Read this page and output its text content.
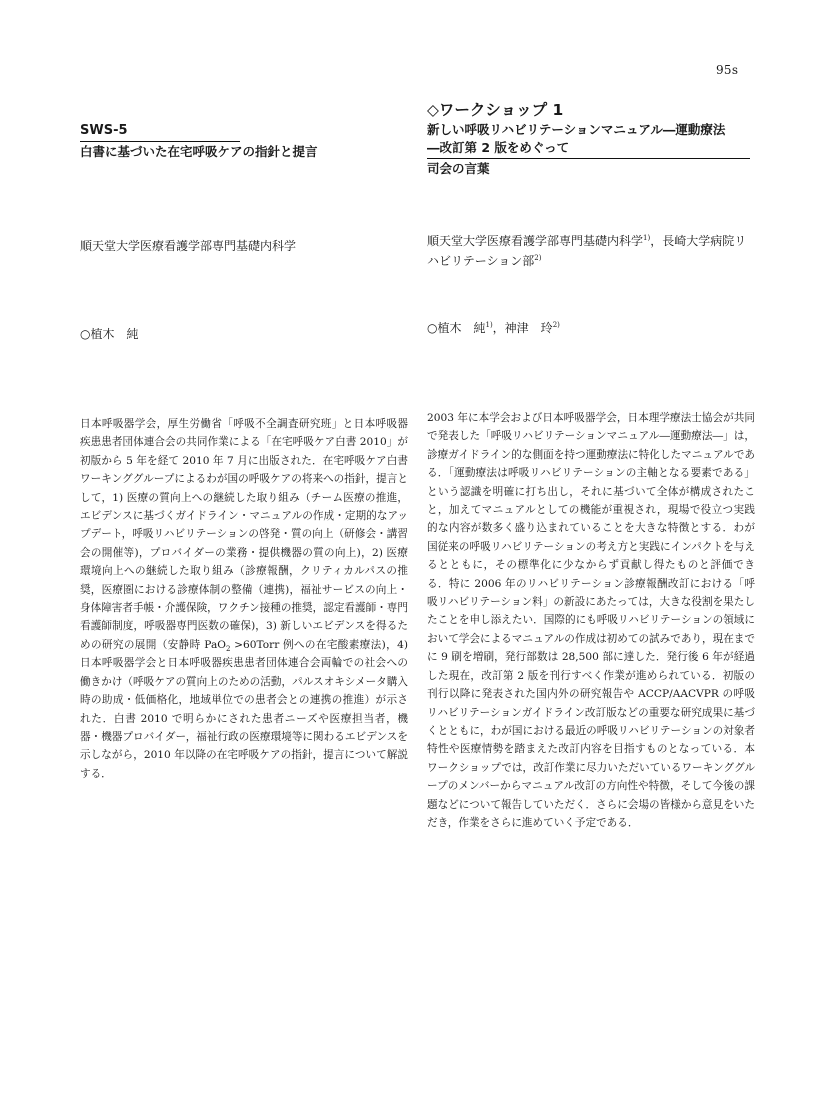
95s

SWS-5

白書に基づいた在宅呼吸ケアの指針と提言

順天堂大学医療看護学部専門基礎内科学

○植木　純

日本呼吸器学会，厚生労働省「呼吸不全調査研究班」と日本呼吸器疾患患者団体連合会の共同作業による「在宅呼吸ケア白書 2010」が初版から 5 年を経て 2010 年 7 月に出版された．在宅呼吸ケア白書ワーキンググループによるわが国の呼吸ケアの将来への指針，提言として，1) 医療の質向上への継続した取り組み（チーム医療の推進，エビデンスに基づくガイドライン・マニュアルの作成・定期的なアップデート，呼吸リハビリテーションの啓発・質の向上（研修会・講習会の開催等)，プロバイダーの業務・提供機器の質の向上)，2) 医療環境向上への継続した取り組み（診療報酬，クリティカルパスの推奨，医療圏における診療体制の整備（連携)，福祉サービスの向上・身体障害者手帳・介護保険，ワクチン接種の推奨，認定看護師・専門看護師制度，呼吸器専門医数の確保)，3) 新しいエビデンスを得るための研究の展開（安静時 PaO$_2$ >60Torr 例への在宅酸素療法)，4) 日本呼吸器学会と日本呼吸器疾患患者団体連合会両輪での社会への働きかけ（呼吸ケアの質向上のための活動，パルスオキシメータ購入時の助成・低価格化，地域単位での患者会との連携の推進）が示された．白書 2010 で明らかにされた患者ニーズや医療担当者，機器・機器プロバイダー，福祉行政の医療環境等に関わるエビデンスを示しながら，2010 年以降の在宅呼吸ケアの指針，提言について解説する．

◇ワークショップ 1

新しい呼吸リハビリテーションマニュアル―運動療法

―改訂第 2 版をめぐって

司会の言葉

順天堂大学医療看護学部専門基礎内科学$^{1)}$，長崎大学病院リハビリテーション部$^{2)}$

○植木　純$^{1)}$，神津　玲$^{2)}$

2003 年に本学会および日本呼吸器学会，日本理学療法士協会が共同で発表した「呼吸リハビリテーションマニュアル―運動療法―」は，診療ガイドライン的な側面を持つ運動療法に特化したマニュアルである．「運動療法は呼吸リハビリテーションの主軸となる要素である」という認識を明確に打ち出し，それに基づいて全体が構成されたこと，加えてマニュアルとしての機能が重視され，現場で役立つ実践的な内容が数多く盛り込まれていることを大きな特徴とする．わが国従来の呼吸リハビリテーションの考え方と実践にインパクトを与えるとともに，その標準化に少なからず貢献し得たものと評価できる．特に 2006 年のリハビリテーション診療報酬改訂における「呼吸リハビリテーション料」の新設にあたっては，大きな役割を果たしたことを申し添えたい．国際的にも呼吸リハビリテーションの領域において学会によるマニュアルの作成は初めての試みであり，現在までに 9 刷を増刷，発行部数は 28,500 部に達した．発行後 6 年が経過した現在，改訂第 2 版を刊行すべく作業が進められている．初版の刊行以降に発表された国内外の研究報告や ACCP/AACVPR の呼吸リハビリテーションガイドライン改訂版などの重要な研究成果に基づくとともに，わが国における最近の呼吸リハビリテーションの対象者特性や医療情勢を踏まえた改訂内容を目指すものとなっている．本ワークショップでは，改訂作業に尽力いただいているワーキンググループのメンバーからマニュアル改訂の方向性や特徴，そして今後の課題などについて報告していただく．さらに会場の皆様から意見をいただき，作業をさらに進めていく予定である．
